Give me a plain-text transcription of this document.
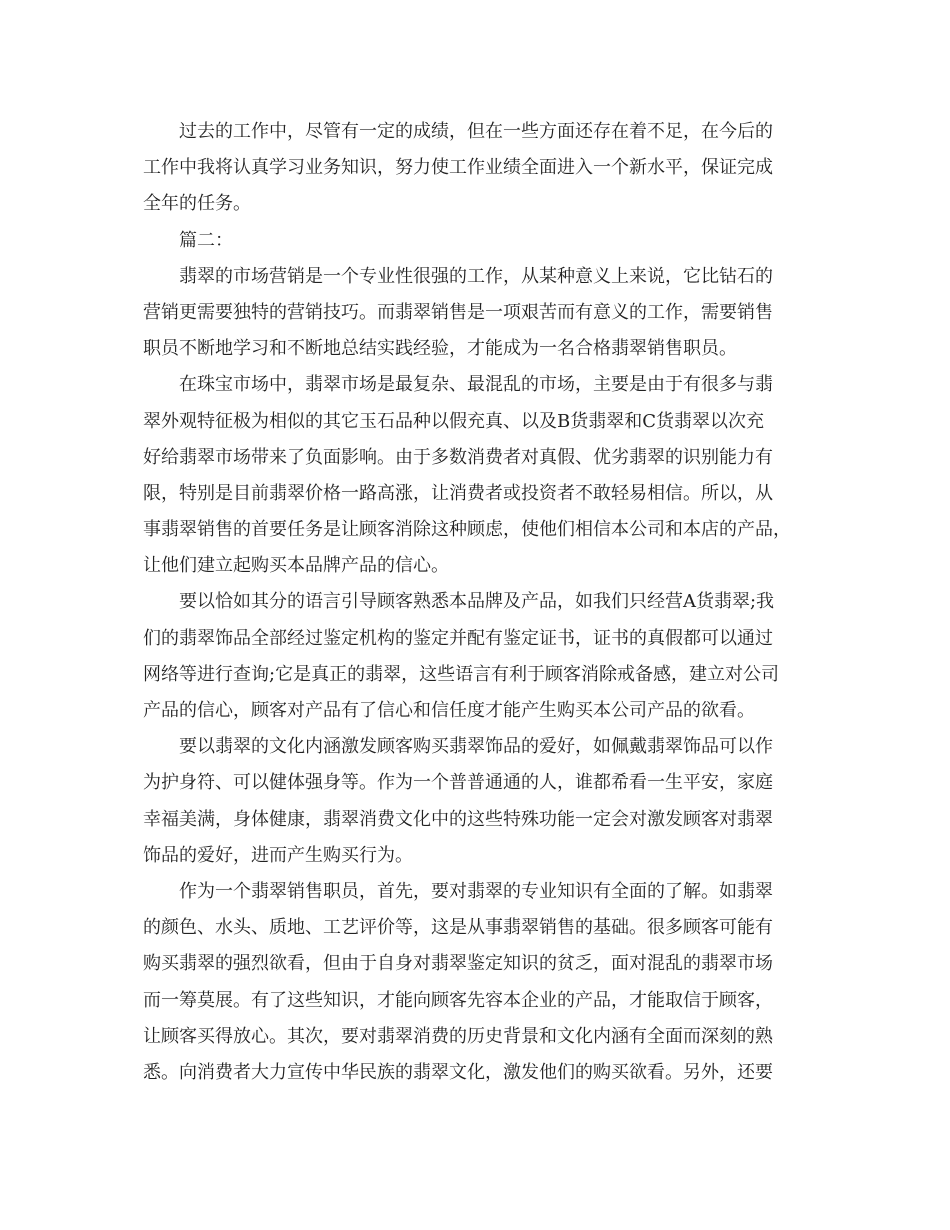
　　过去的工作中，尽管有一定的成绩，但在一些方面还存在着不足，在今后的
工作中我将认真学习业务知识，努力使工作业绩全面进入一个新水平，保证完成
全年的任务。
　　篇二：
　　翡翠的市场营销是一个专业性很强的工作，从某种意义上来说，它比钻石的
营销更需要独特的营销技巧。而翡翠销售是一项艰苦而有意义的工作，需要销售
职员不断地学习和不断地总结实践经验，才能成为一名合格翡翠销售职员。
　　在珠宝市场中，翡翠市场是最复杂、最混乱的市场，主要是由于有很多与翡
翠外观特征极为相似的其它玉石品种以假充真、以及B货翡翠和C货翡翠以次充
好给翡翠市场带来了负面影响。由于多数消费者对真假、优劣翡翠的识别能力有
限，特别是目前翡翠价格一路高涨，让消费者或投资者不敢轻易相信。所以，从
事翡翠销售的首要任务是让顾客消除这种顾虑，使他们相信本公司和本店的产品，
让他们建立起购买本品牌产品的信心。
　　要以恰如其分的语言引导顾客熟悉本品牌及产品，如我们只经营A货翡翠;我
们的翡翠饰品全部经过鉴定机构的鉴定并配有鉴定证书，证书的真假都可以通过
网络等进行查询;它是真正的翡翠，这些语言有利于顾客消除戒备感，建立对公司
产品的信心，顾客对产品有了信心和信任度才能产生购买本公司产品的欲看。
　　要以翡翠的文化内涵激发顾客购买翡翠饰品的爱好，如佩戴翡翠饰品可以作
为护身符、可以健体强身等。作为一个普普通通的人，谁都希看一生平安，家庭
幸福美满，身体健康，翡翠消费文化中的这些特殊功能一定会对激发顾客对翡翠
饰品的爱好，进而产生购买行为。
　　作为一个翡翠销售职员，首先，要对翡翠的专业知识有全面的了解。如翡翠
的颜色、水头、质地、工艺评价等，这是从事翡翠销售的基础。很多顾客可能有
购买翡翠的强烈欲看，但由于自身对翡翠鉴定知识的贫乏，面对混乱的翡翠市场
而一筹莫展。有了这些知识，才能向顾客先容本企业的产品，才能取信于顾客，
让顾客买得放心。其次，要对翡翠消费的历史背景和文化内涵有全面而深刻的熟
悉。向消费者大力宣传中华民族的翡翠文化，激发他们的购买欲看。另外，还要
